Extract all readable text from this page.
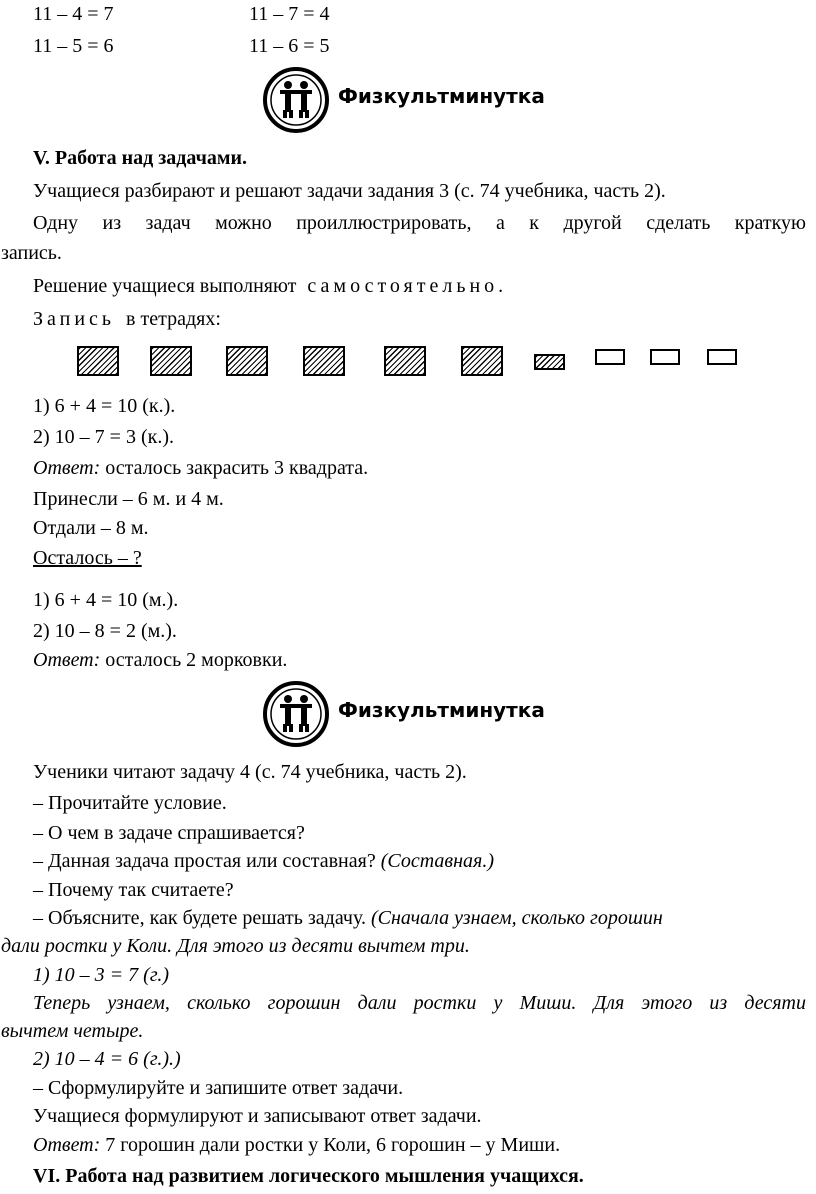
11 – 4 = 7	11 – 7 = 4
11 – 5 = 6	11 – 6 = 5
Физкультминутка
V. Работа над задачами.
Учащиеся разбирают и решают задачи задания 3 (с. 74 учебника, часть 2).
Одну из задач можно проиллюстрировать, а к другой сделать краткую
запись.
Решение учащиеся выполняют самостоятельно.
Запись в тетрадях:
1) 6 + 4 = 10 (к.).
2) 10 – 7 = 3 (к.).
Ответ: осталось закрасить 3 квадрата.
Принесли – 6 м. и 4 м.
Отдали – 8 м.
Осталось – ?
1) 6 + 4 = 10 (м.).
2) 10 – 8 = 2 (м.).
Ответ: осталось 2 морковки.
Физкультминутка
Ученики читают задачу 4 (с. 74 учебника, часть 2).
– Прочитайте условие.
– О чем в задаче спрашивается?
– Данная задача простая или составная? (Составная.)
– Почему так считаете?
– Объясните, как будете решать задачу. (Сначала узнаем, сколько горошин
дали ростки у Коли. Для этого из десяти вычтем три.
1) 10 – 3 = 7 (г.)
Теперь узнаем, сколько горошин дали ростки у Миши. Для этого из десяти
вычтем четыре.
2) 10 – 4 = 6 (г.).)
– Сформулируйте и запишите ответ задачи.
Учащиеся формулируют и записывают ответ задачи.
Ответ: 7 горошин дали ростки у Коли, 6 горошин – у Миши.
VI. Работа над развитием логического мышления учащихся.
